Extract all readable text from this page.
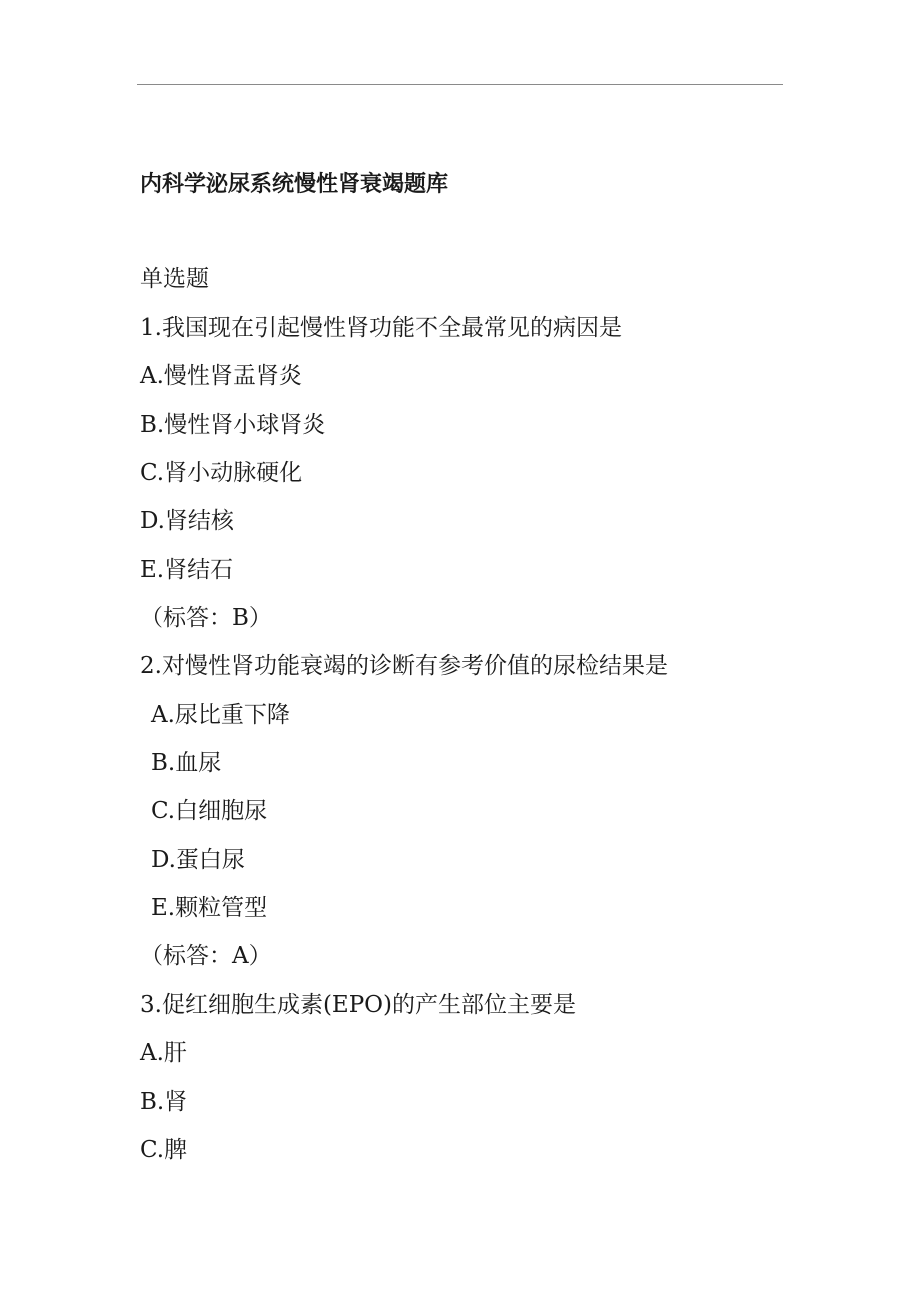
内科学泌尿系统慢性肾衰竭题库
单选题
1.我国现在引起慢性肾功能不全最常见的病因是
A.慢性肾盂肾炎
B.慢性肾小球肾炎
C.肾小动脉硬化
D.肾结核
E.肾结石
（标答：B）
2.对慢性肾功能衰竭的诊断有参考价值的尿检结果是
A.尿比重下降
B.血尿
C.白细胞尿
D.蛋白尿
E.颗粒管型
（标答：A）
3.促红细胞生成素(EPO)的产生部位主要是
A.肝
B.肾
C.脾
